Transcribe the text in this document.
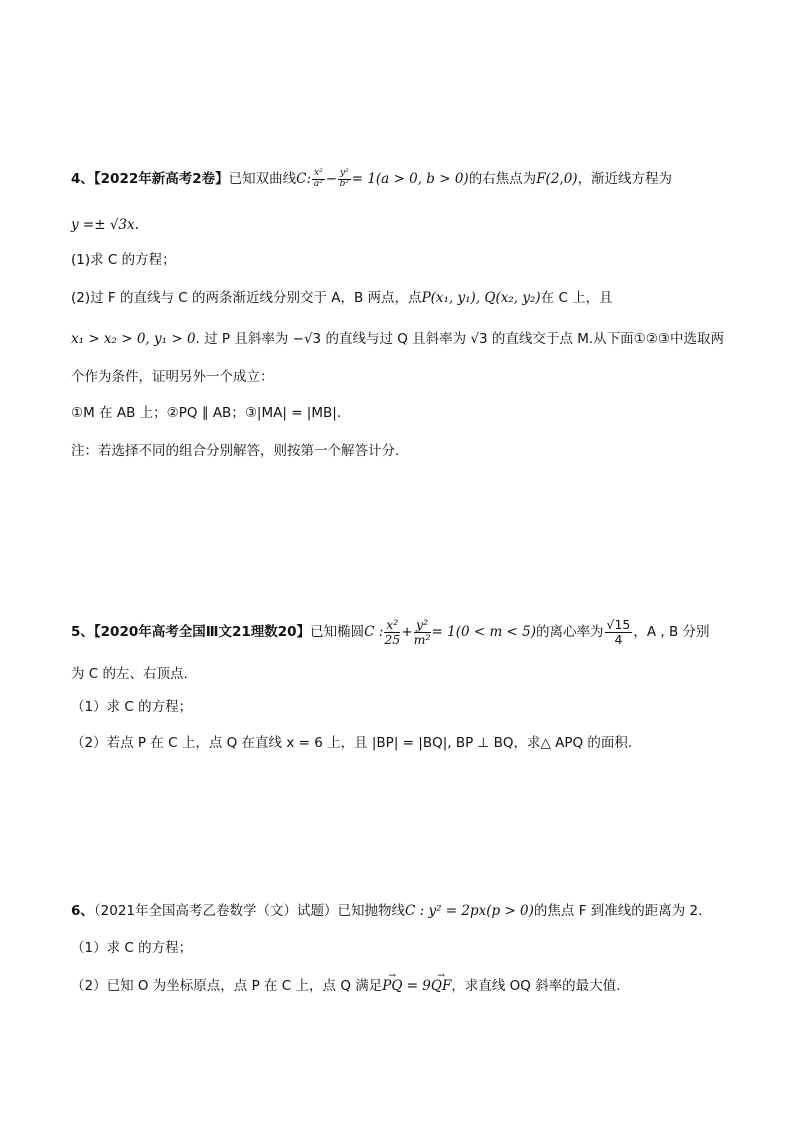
4、【2022年新高考2卷】已知双曲线C: $\frac{\text{x²}}{\text{a²}} - \frac{\text{y²}}{\text{b²}} = 1(a > 0$, b > 0)的右焦点为F(2,0)，渐近线方程为
y =± √3x.
(1)求 C 的方程；
(2)过 F 的直线与 C 的两条渐近线分别交于 A，B 两点，点P(x₁, y₁), Q(x₂, y₂)在 C 上，且
x₁ > x₂ > 0, y₁ > 0. 过 P 且斜率为 −√3 的直线与过 Q 且斜率为 √3 的直线交于点 M.从下面①②③中选取两
个作为条件，证明另外一个成立：
①M 在 AB 上；②PQ ∥ AB；③|MA| = |MB|.
注：若选择不同的组合分别解答，则按第一个解答计分.
5、【2020年高考全国Ⅲ文21理数20】已知椭圆C : $\frac{\text{x²}}{25} + \frac{\text{y²}}{\text{m²}} = 1(0 < m < 5)$的离心率为 $\frac{√15}{4}$ ，A , B 分别
为 C 的左、右顶点.
（1）求 C 的方程；
（2）若点 P 在 C 上，点 Q 在直线 x = 6 上，且 |BP| = |BQ|, BP ⊥ BQ，求△ APQ 的面积.
6、（2021年全国高考乙卷数学（文）试题）已知抛物线C : y² = 2px(p > 0)的焦点 F 到准线的距离为 2.
（1）求 C 的方程；
（2）已知 O 为坐标原点，点 P 在 C 上，点 Q 满足→ PQ = 9→ QF，求直线 OQ 斜率的最大值.
